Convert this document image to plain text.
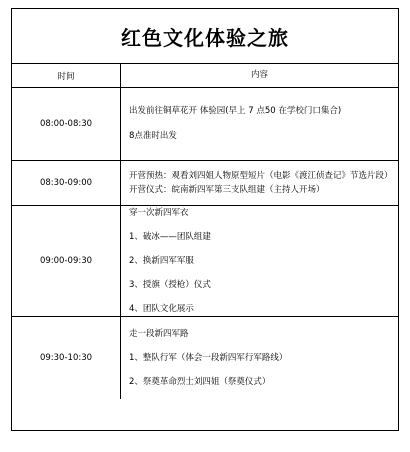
红色文化体验之旅
时间	内容
08:00-08:30	出发前往铜草花开 体验园(早上 7 点50 在学校门口集合)

8点准时出发

08:30-09:00	开营预热：观看刘四姐人物原型短片（电影《渡江侦查记》节选片段）

开营仪式：皖南新四军第三支队组建（主持人开场）

09:00-09:30	穿一次新四军衣

1、破冰——团队组建

2、换新四军军服

3、授旗（授枪）仪式

4、团队文化展示

09:30-10:30	走一段新四军路

1、整队行军（体会一段新四军行军路线）

2、祭奠革命烈士刘四姐（祭奠仪式）
